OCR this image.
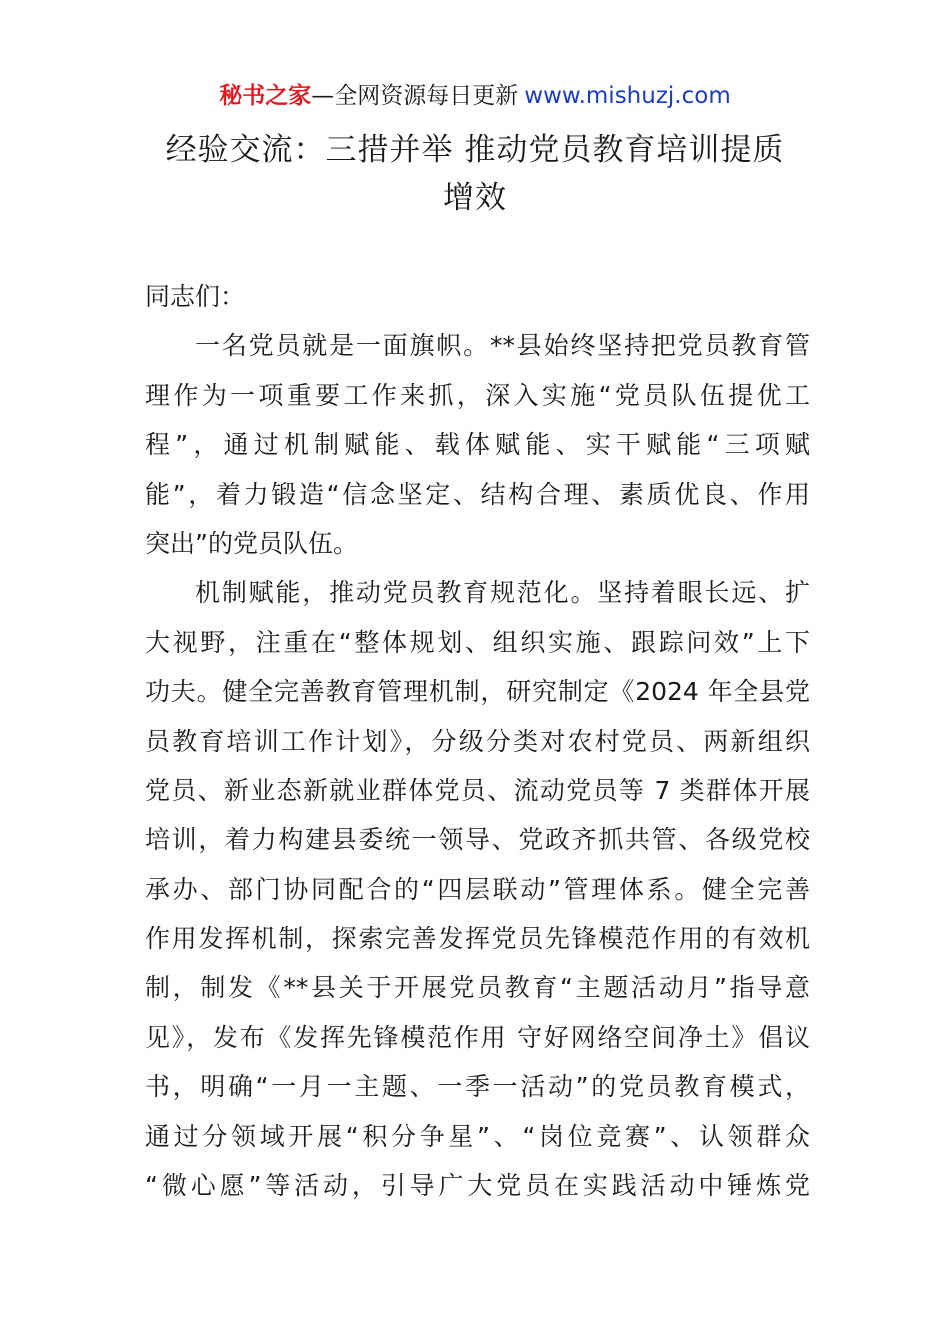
秘书之家—全网资源每日更新 www.mishuzj.com
经验交流：三措并举 推动党员教育培训提质
增效
同志们：
一名党员就是一面旗帜。**县始终坚持把党员教育管
理作为一项重要工作来抓，深入实施“党员队伍提优工
程”，通过机制赋能、载体赋能、实干赋能“三项赋
能”，着力锻造“信念坚定、结构合理、素质优良、作用
突出”的党员队伍。
机制赋能，推动党员教育规范化。坚持着眼长远、扩
大视野，注重在“整体规划、组织实施、跟踪问效”上下
功夫。健全完善教育管理机制，研究制定《2024 年全县党
员教育培训工作计划》，分级分类对农村党员、两新组织
党员、新业态新就业群体党员、流动党员等 7 类群体开展
培训，着力构建县委统一领导、党政齐抓共管、各级党校
承办、部门协同配合的“四层联动”管理体系。健全完善
作用发挥机制，探索完善发挥党员先锋模范作用的有效机
制，制发《**县关于开展党员教育“主题活动月”指导意
见》，发布《发挥先锋模范作用 守好网络空间净土》倡议
书，明确“一月一主题、一季一活动”的党员教育模式，
通过分领域开展“积分争星”、“岗位竞赛”、认领群众
“微心愿”等活动，引导广大党员在实践活动中锤炼党
